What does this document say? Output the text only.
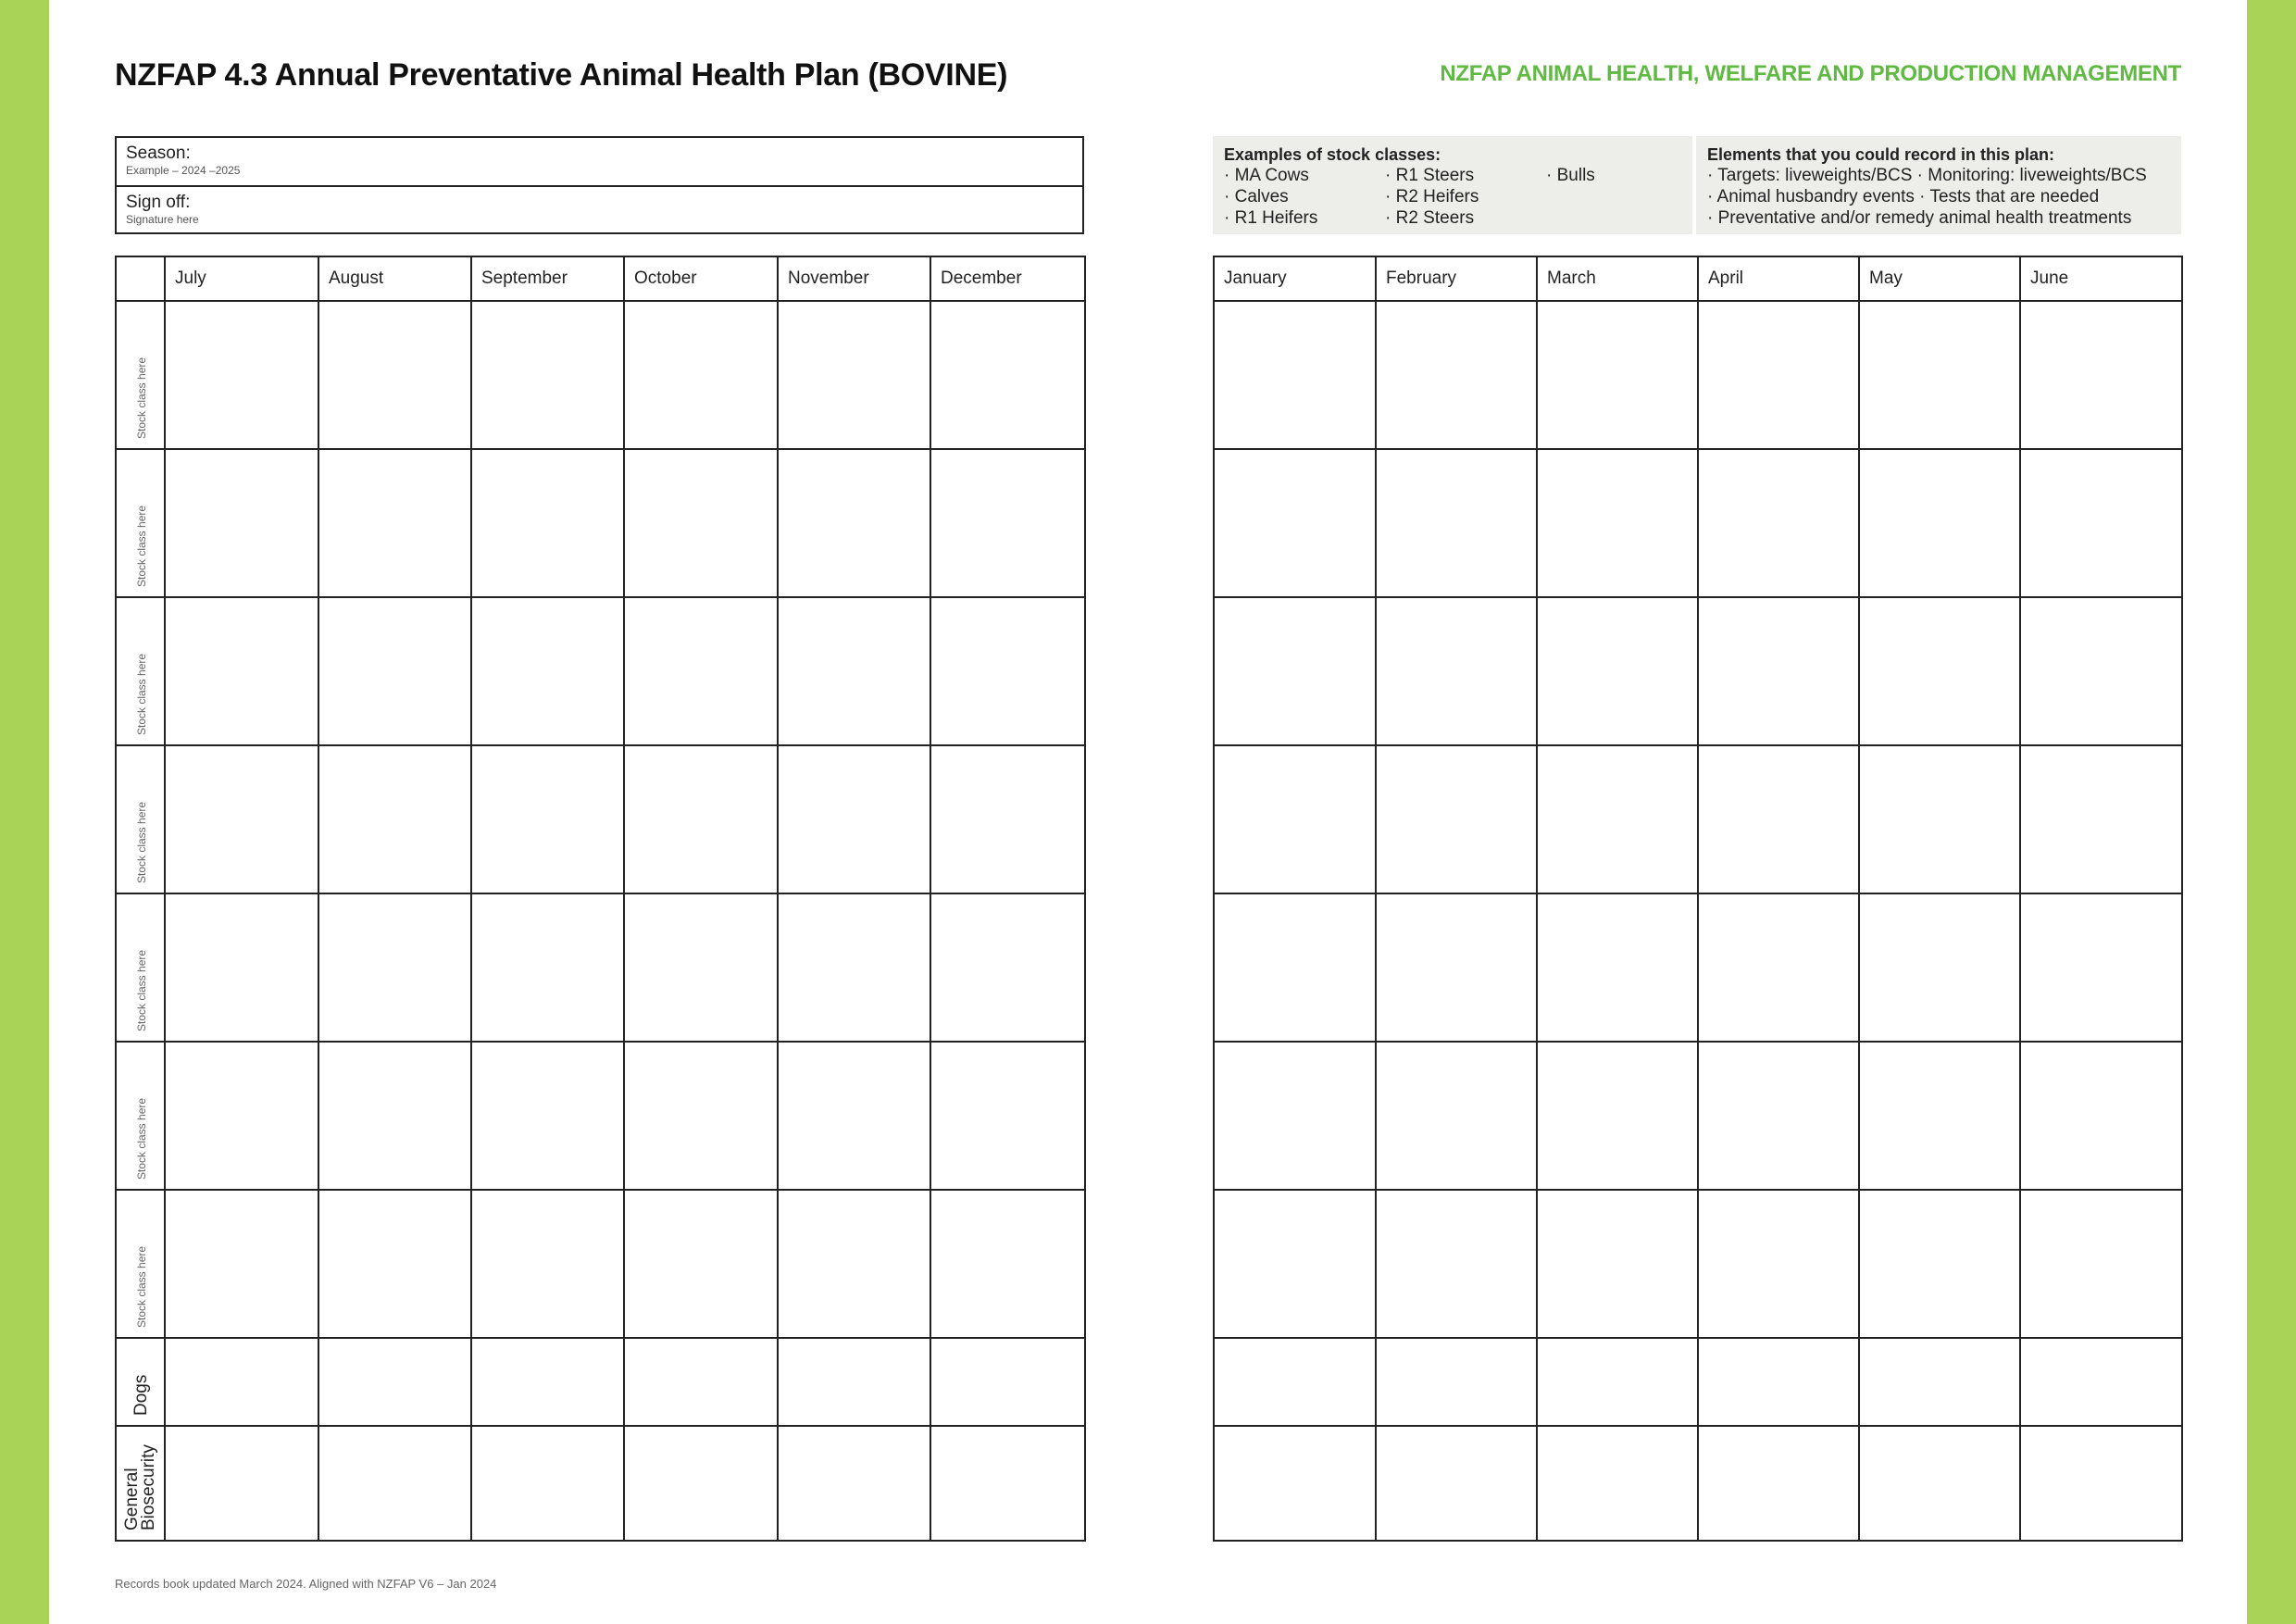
NZFAP 4.3 Annual Preventative Animal Health Plan (BOVINE)	NZFAP ANIMAL HEALTH, WELFARE AND PRODUCTION MANAGEMENT

Season:
Example – 2024 –2025
Sign off:
Signature here
Examples of stock classes:
· MA Cows	· R1 Steers	· Bulls
· Calves	· R2 Heifers
· R1 Heifers	· R2 Steers
Elements that you could record in this plan:
· Targets: liveweights/BCS · Monitoring: liveweights/BCS
· Animal husbandry events · Tests that are needed
· Preventative and/or remedy animal health treatments
	July	August	September	October	November	December

Stock class here						

Stock class here						

Stock class here						

Stock class here						

Stock class here						

Stock class here						

Stock class here						

Dogs						

General Biosecurity						

January	February	March	April	May	June

Records book updated March 2024. Aligned with NZFAP V6 – Jan 2024
